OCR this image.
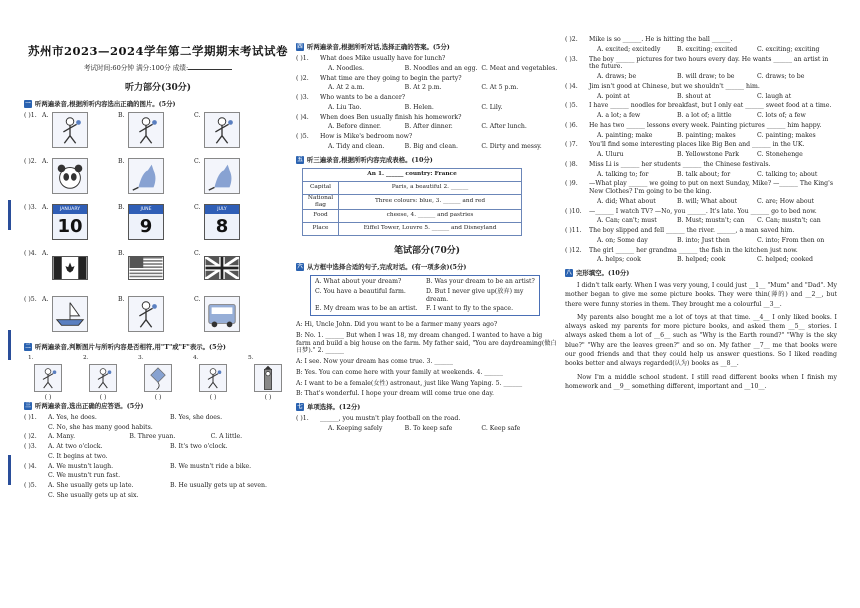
苏州市2023—2024学年第二学期期末考试试卷
考试时间:60分钟 满分:100分 成绩:
听力部分(30分)
一 听两遍录音,根据所听内容选出正确的图片。(5分)
( )1. A.	B.	C.
( )2. A.	B.	C.
( )3. A.	JANUARY
10
B.	JUNE
9
C.	JULY
8
( )4. A.	B.	C.
( )5. A.	B.	C.
二 听两遍录音,判断图片与所听内容是否相符,用"T"或"F"表示。(5分)
1.
( )
2.
( )
3.
( )
4.
( )
5.
( )
三 听两遍录音,选出正确的应答语。(5分)
( )1.	A. Yes, he does.	B. Yes, she does.
C. No, she has many good habits.
( )2.	A. Many.	B. Three yuan.	C. A little.
( )3.	A. At two o'clock.	B. It's two o'clock.
C. It begins at two.
( )4.	A. We mustn't laugh.	B. We mustn't ride a bike.
C. We mustn't run fast.
( )5.	A. She usually gets up late.	B. He usually gets up at seven.
C. She usually gets up at six.
四 听两遍录音,根据所听对话,选择正确的答案。(5分)
( )1.	What does Mike usually have for lunch?
A. Noodles.	B. Noodles and an egg. C. Meat and vegetables.
( )2.	What time are they going to begin the party?
A. At 2 a.m.	B. At 2 p.m.	C. At 5 p.m.
( )3.	Who wants to be a dancer?
A. Liu Tao.	B. Helen.	C. Lily.
( )4.	When does Ben usually finish his homework?
A. Before dinner.	B. After dinner.	C. After lunch.
( )5.	How is Mike's bedroom now?
A. Tidy and clean.	B. Big and clean.	C. Dirty and messy.
五 听三遍录音,根据所听内容完成表格。(10分)
An 1. ______ country: France	
Capital	Paris, a beautiful 2. ______
National flag	Three colours: blue, 3. ______ and red
Food	cheese, 4. ______ and pastries
Place	Eiffel Tower, Louvre 5. ______ and Disneyland
笔试部分(70分)
六 从方框中选择合适的句子,完成对话。(有一项多余)(5分)
A. What about your dream?	B. Was your dream to be an artist?
C. You have a beautiful farm.	D. But I never give up(放弃) my dream.
E. My dream was to be an artist.	F. I want to fly to the space.

A: Hi, Uncle John. Did you want to be a farmer many years ago?

B: No. 1. ______ But when I was 18, my dream changed. I wanted to have a big farm and build a big house on the farm. My father said, "You are daydreaming(做白日梦)." 2. ______

A: I see. Now your dream has come true. 3. ______

B: Yes. You can come here with your family at weekends. 4. ______

A: I want to be a female(女性) astronaut, just like Wang Yaping. 5. ______

B: That's wonderful. I hope your dream will come true one day.

七 单项选择。(12分)
( )1.	______, you mustn't play football on the road.
A. Keeping safely	B. To keep safe	C. Keep safe
( )2.	Mike is so ______. He is hitting the ball ______.
A. excited; excitedly	B. exciting; excited	C. exciting; exciting
( )3.	The boy ______ pictures for two hours every day. He wants ______ an artist in the future.
A. draws; be	B. will draw; to be	C. draws; to be
( )4.	Jim isn't good at Chinese, but we shouldn't ______ him.
A. point at	B. shout at	C. laugh at
( )5.	I have ______ noodles for breakfast, but I only eat ______ sweet food at a time.
A. a lot; a few	B. a lot of; a little	C. lots of; a few
( )6.	He has two ______ lessons every week. Painting pictures ______ him happy.
A. painting; make	B. painting; makes	C. painting; makes
( )7.	You'll find some interesting places like Big Ben and ______ in the UK.
A. Uluru	B. Yellowstone Park	C. Stonehenge
( )8.	Miss Li is ______ her students ______ the Chinese festivals.
A. talking to; for	B. talk about; for	C. talking to; about
( )9.	—What play ______ we going to put on next Sunday, Mike? —______ The King's New Clothes? I'm going to be the king.
A. did; What about	B. will; What about	C. are; How about
( )10.	—______ I watch TV? —No, you ______. It's late. You ______ go to bed now.
A. Can; can't; must	B. Must; mustn't; can	C. Can; mustn't; can
( )11.	The boy slipped and fell ______ the river. ______, a man saved him.
A. on; Some day	B. into; Just then	C. into; From then on
( )12.	The girl ______ her grandma ______ the fish in the kitchen just now.
A. helps; cook	B. helped; cook	C. helped; cooked
八 完形填空。(10分)

I didn't talk early. When I was very young, I could just __1__ "Mum" and "Dad". My mother began to give me some picture books. They were thin(薄的) and __2__, but there were funny stories in them. They brought me a colourful __3__.

My parents also bought me a lot of toys at that time. __4__ I only liked books. I always asked my parents for more picture books, and asked them __5__ stories. I always asked them a lot of __6__ such as "Why is the Earth round?" "Why is the sky blue?" "Why are the leaves green?" and so on. My father __7__ me that books were our good friends and that they could help us answer questions. So I liked reading books better and always regarded(认为) books as __8__.

Now I'm a middle school student. I still read different books when I finish my homework and __9__ something different, important and __10__.
